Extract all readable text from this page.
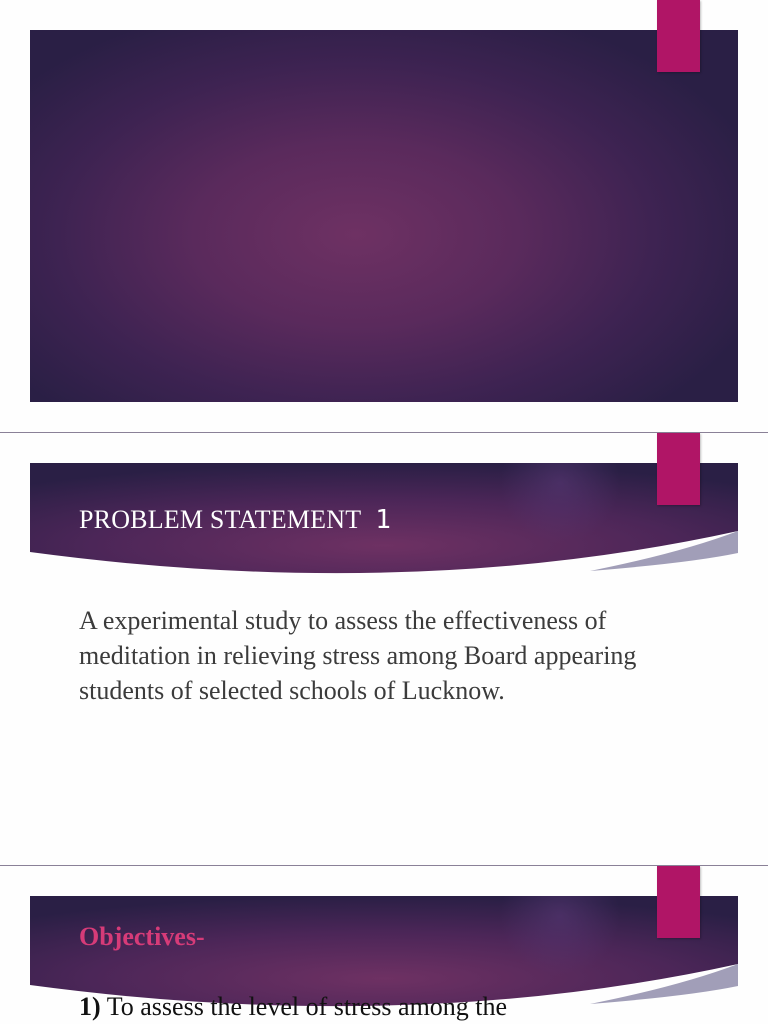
PROBLEM STATEMENT 1
A experimental study to assess the effectiveness of meditation in relieving stress among Board appearing students of selected schools of Lucknow.
Objectives-
1) To assess the level of stress among the
